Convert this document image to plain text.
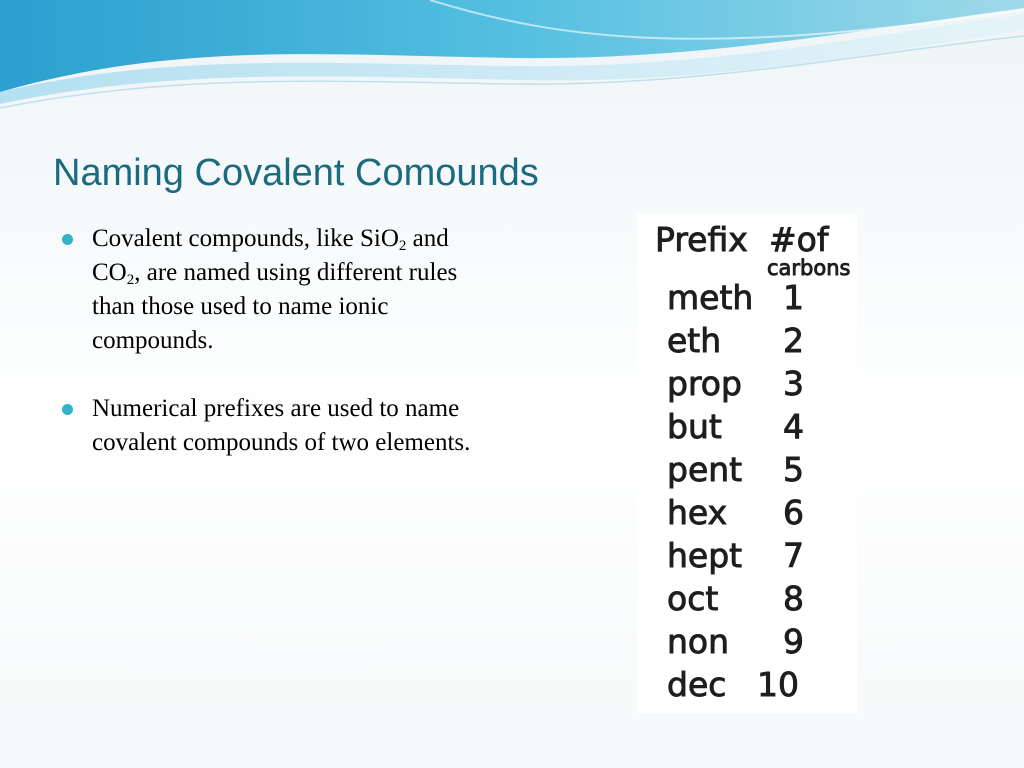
Naming Covalent Comounds
Covalent compounds, like SiO$_2$ and $CO_2$, are named using different rules than those used to name ionic compounds.
Numerical prefixes are used to name covalent compounds of two elements.
Prefix #of
carbons
meth 1
eth 2
prop 3
but 4
pent 5
hex 6
hept 7
oct 8
non 9
dec 10
